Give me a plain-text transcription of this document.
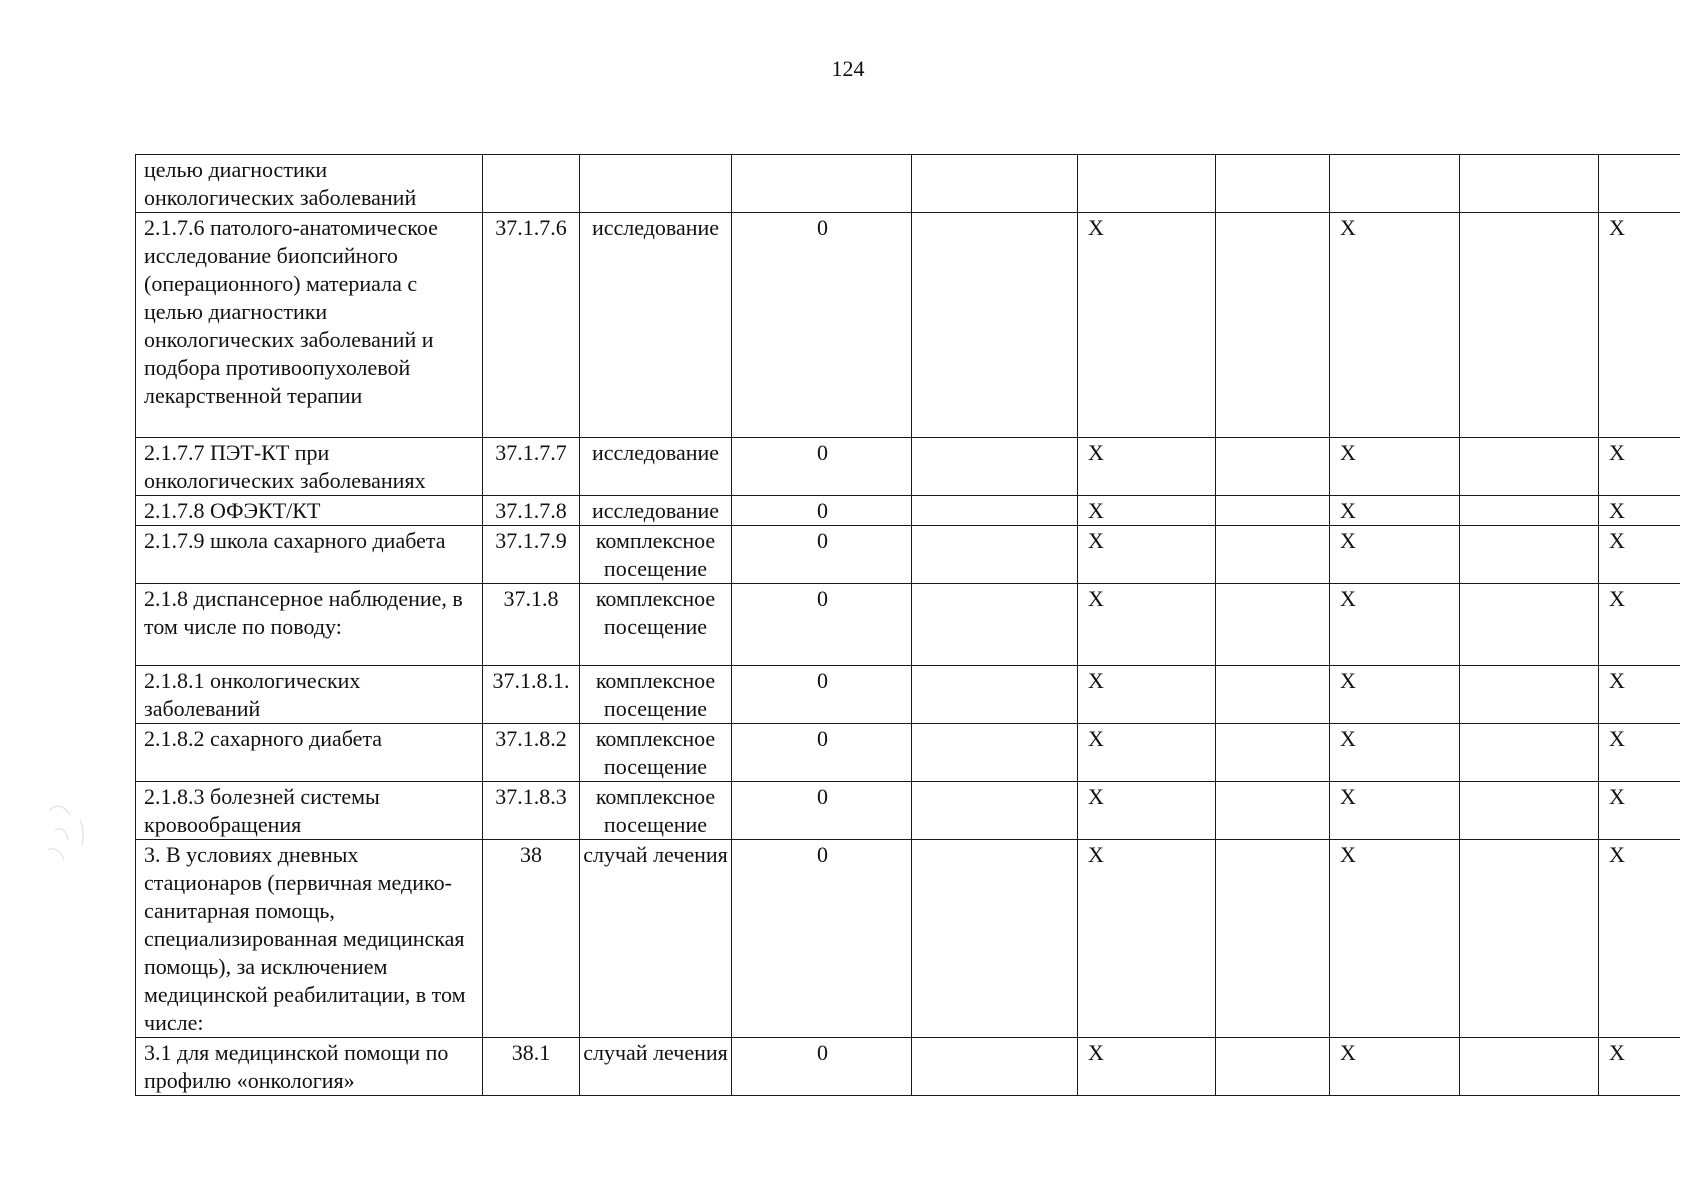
124
целью диагностики онкологических заболеваний									
2.1.7.6 патолого-анатомическое исследование биопсийного (операционного) материала с целью диагностики онкологических заболеваний и подбора противоопухолевой лекарственной терапии	37.1.7.6	исследование	0		X		X		X
2.1.7.7 ПЭТ-КТ при онкологических заболеваниях	37.1.7.7	исследование	0		X		X		X
2.1.7.8 ОФЭКТ/КТ	37.1.7.8	исследование	0		X		X		X
2.1.7.9 школа сахарного диабета	37.1.7.9	комплексное посещение	0		X		X		X
2.1.8 диспансерное наблюдение, в том числе по поводу:	37.1.8	комплексное посещение	0		X		X		X
2.1.8.1 онкологических заболеваний	37.1.8.1.	комплексное посещение	0		X		X		X
2.1.8.2 сахарного диабета	37.1.8.2	комплексное посещение	0		X		X		X
2.1.8.3 болезней системы кровообращения	37.1.8.3	комплексное посещение	0		X		X		X
3. В условиях дневных стационаров (первичная медико-санитарная помощь, специализированная медицинская помощь), за исключением медицинской реабилитации, в том числе:	38	случай лечения	0		X		X		X
3.1 для медицинской помощи по профилю «онкология»	38.1	случай лечения	0		X		X		X
